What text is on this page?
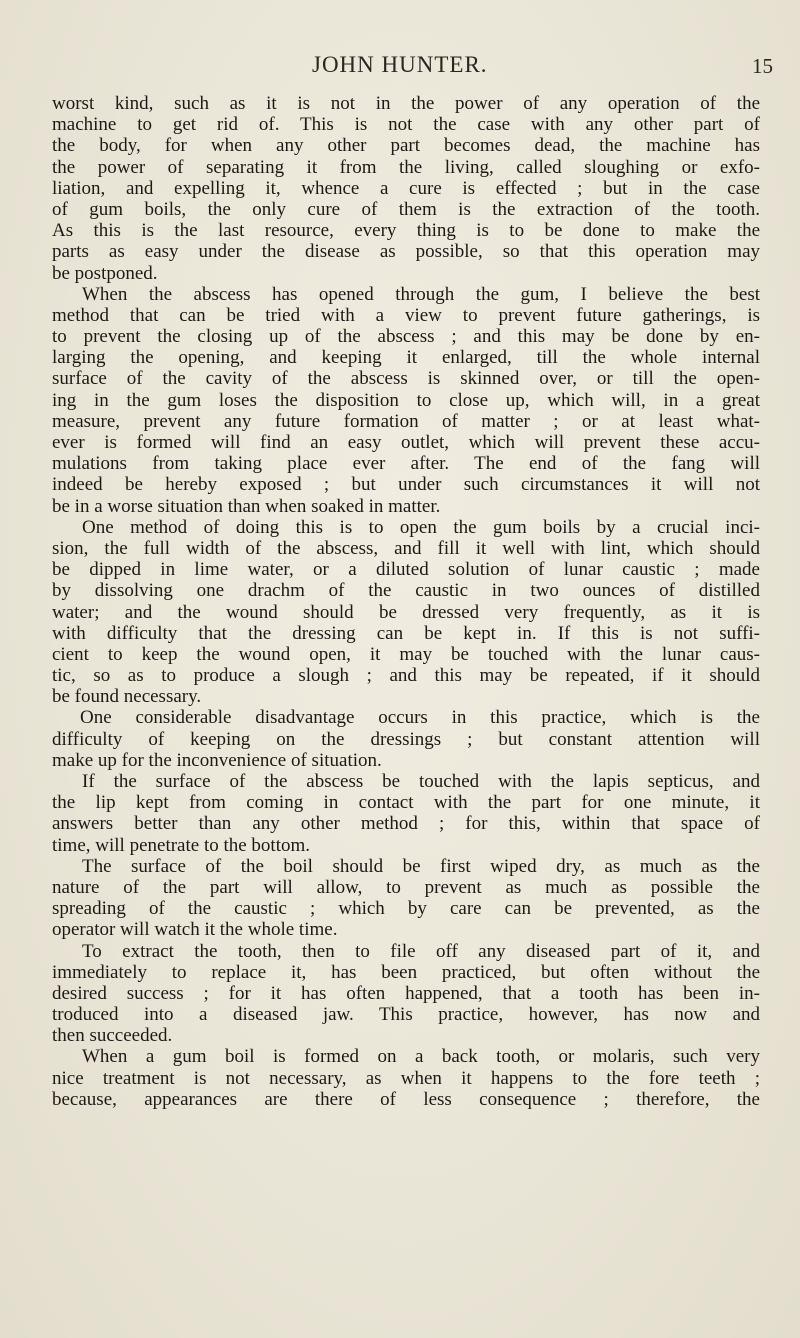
JOHN HUNTER.	15
worst kind, such as it is not in the power of any operation of the
machine to get rid of. This is not the case with any other part of
the body, for when any other part becomes dead, the machine has
the power of separating it from the living, called sloughing or exfo-
liation, and expelling it, whence a cure is effected ; but in the case
of gum boils, the only cure of them is the extraction of the tooth.
As this is the last resource, every thing is to be done to make the
parts as easy under the disease as possible, so that this operation may
be postponed.
When the abscess has opened through the gum, I believe the best
method that can be tried with a view to prevent future gatherings, is
to prevent the closing up of the abscess ; and this may be done by en-
larging the opening, and keeping it enlarged, till the whole internal
surface of the cavity of the abscess is skinned over, or till the open-
ing in the gum loses the disposition to close up, which will, in a great
measure, prevent any future formation of matter ; or at least what-
ever is formed will find an easy outlet, which will prevent these accu-
mulations from taking place ever after. The end of the fang will
indeed be hereby exposed ; but under such circumstances it will not
be in a worse situation than when soaked in matter.
One method of doing this is to open the gum boils by a crucial inci-
sion, the full width of the abscess, and fill it well with lint, which should
be dipped in lime water, or a diluted solution of lunar caustic ; made
by dissolving one drachm of the caustic in two ounces of distilled
water; and the wound should be dressed very frequently, as it is
with difficulty that the dressing can be kept in. If this is not suffi-
cient to keep the wound open, it may be touched with the lunar caus-
tic, so as to produce a slough ; and this may be repeated, if it should
be found necessary.
One considerable disadvantage occurs in this practice, which is the
difficulty of keeping on the dressings ; but constant attention will
make up for the inconvenience of situation.
If the surface of the abscess be touched with the lapis septicus, and
the lip kept from coming in contact with the part for one minute, it
answers better than any other method ; for this, within that space of
time, will penetrate to the bottom.
The surface of the boil should be first wiped dry, as much as the
nature of the part will allow, to prevent as much as possible the
spreading of the caustic ; which by care can be prevented, as the
operator will watch it the whole time.
To extract the tooth, then to file off any diseased part of it, and
immediately to replace it, has been practiced, but often without the
desired success ; for it has often happened, that a tooth has been in-
troduced into a diseased jaw. This practice, however, has now and
then succeeded.
When a gum boil is formed on a back tooth, or molaris, such very
nice treatment is not necessary, as when it happens to the fore teeth ;
because, appearances are there of less consequence ; therefore, the
